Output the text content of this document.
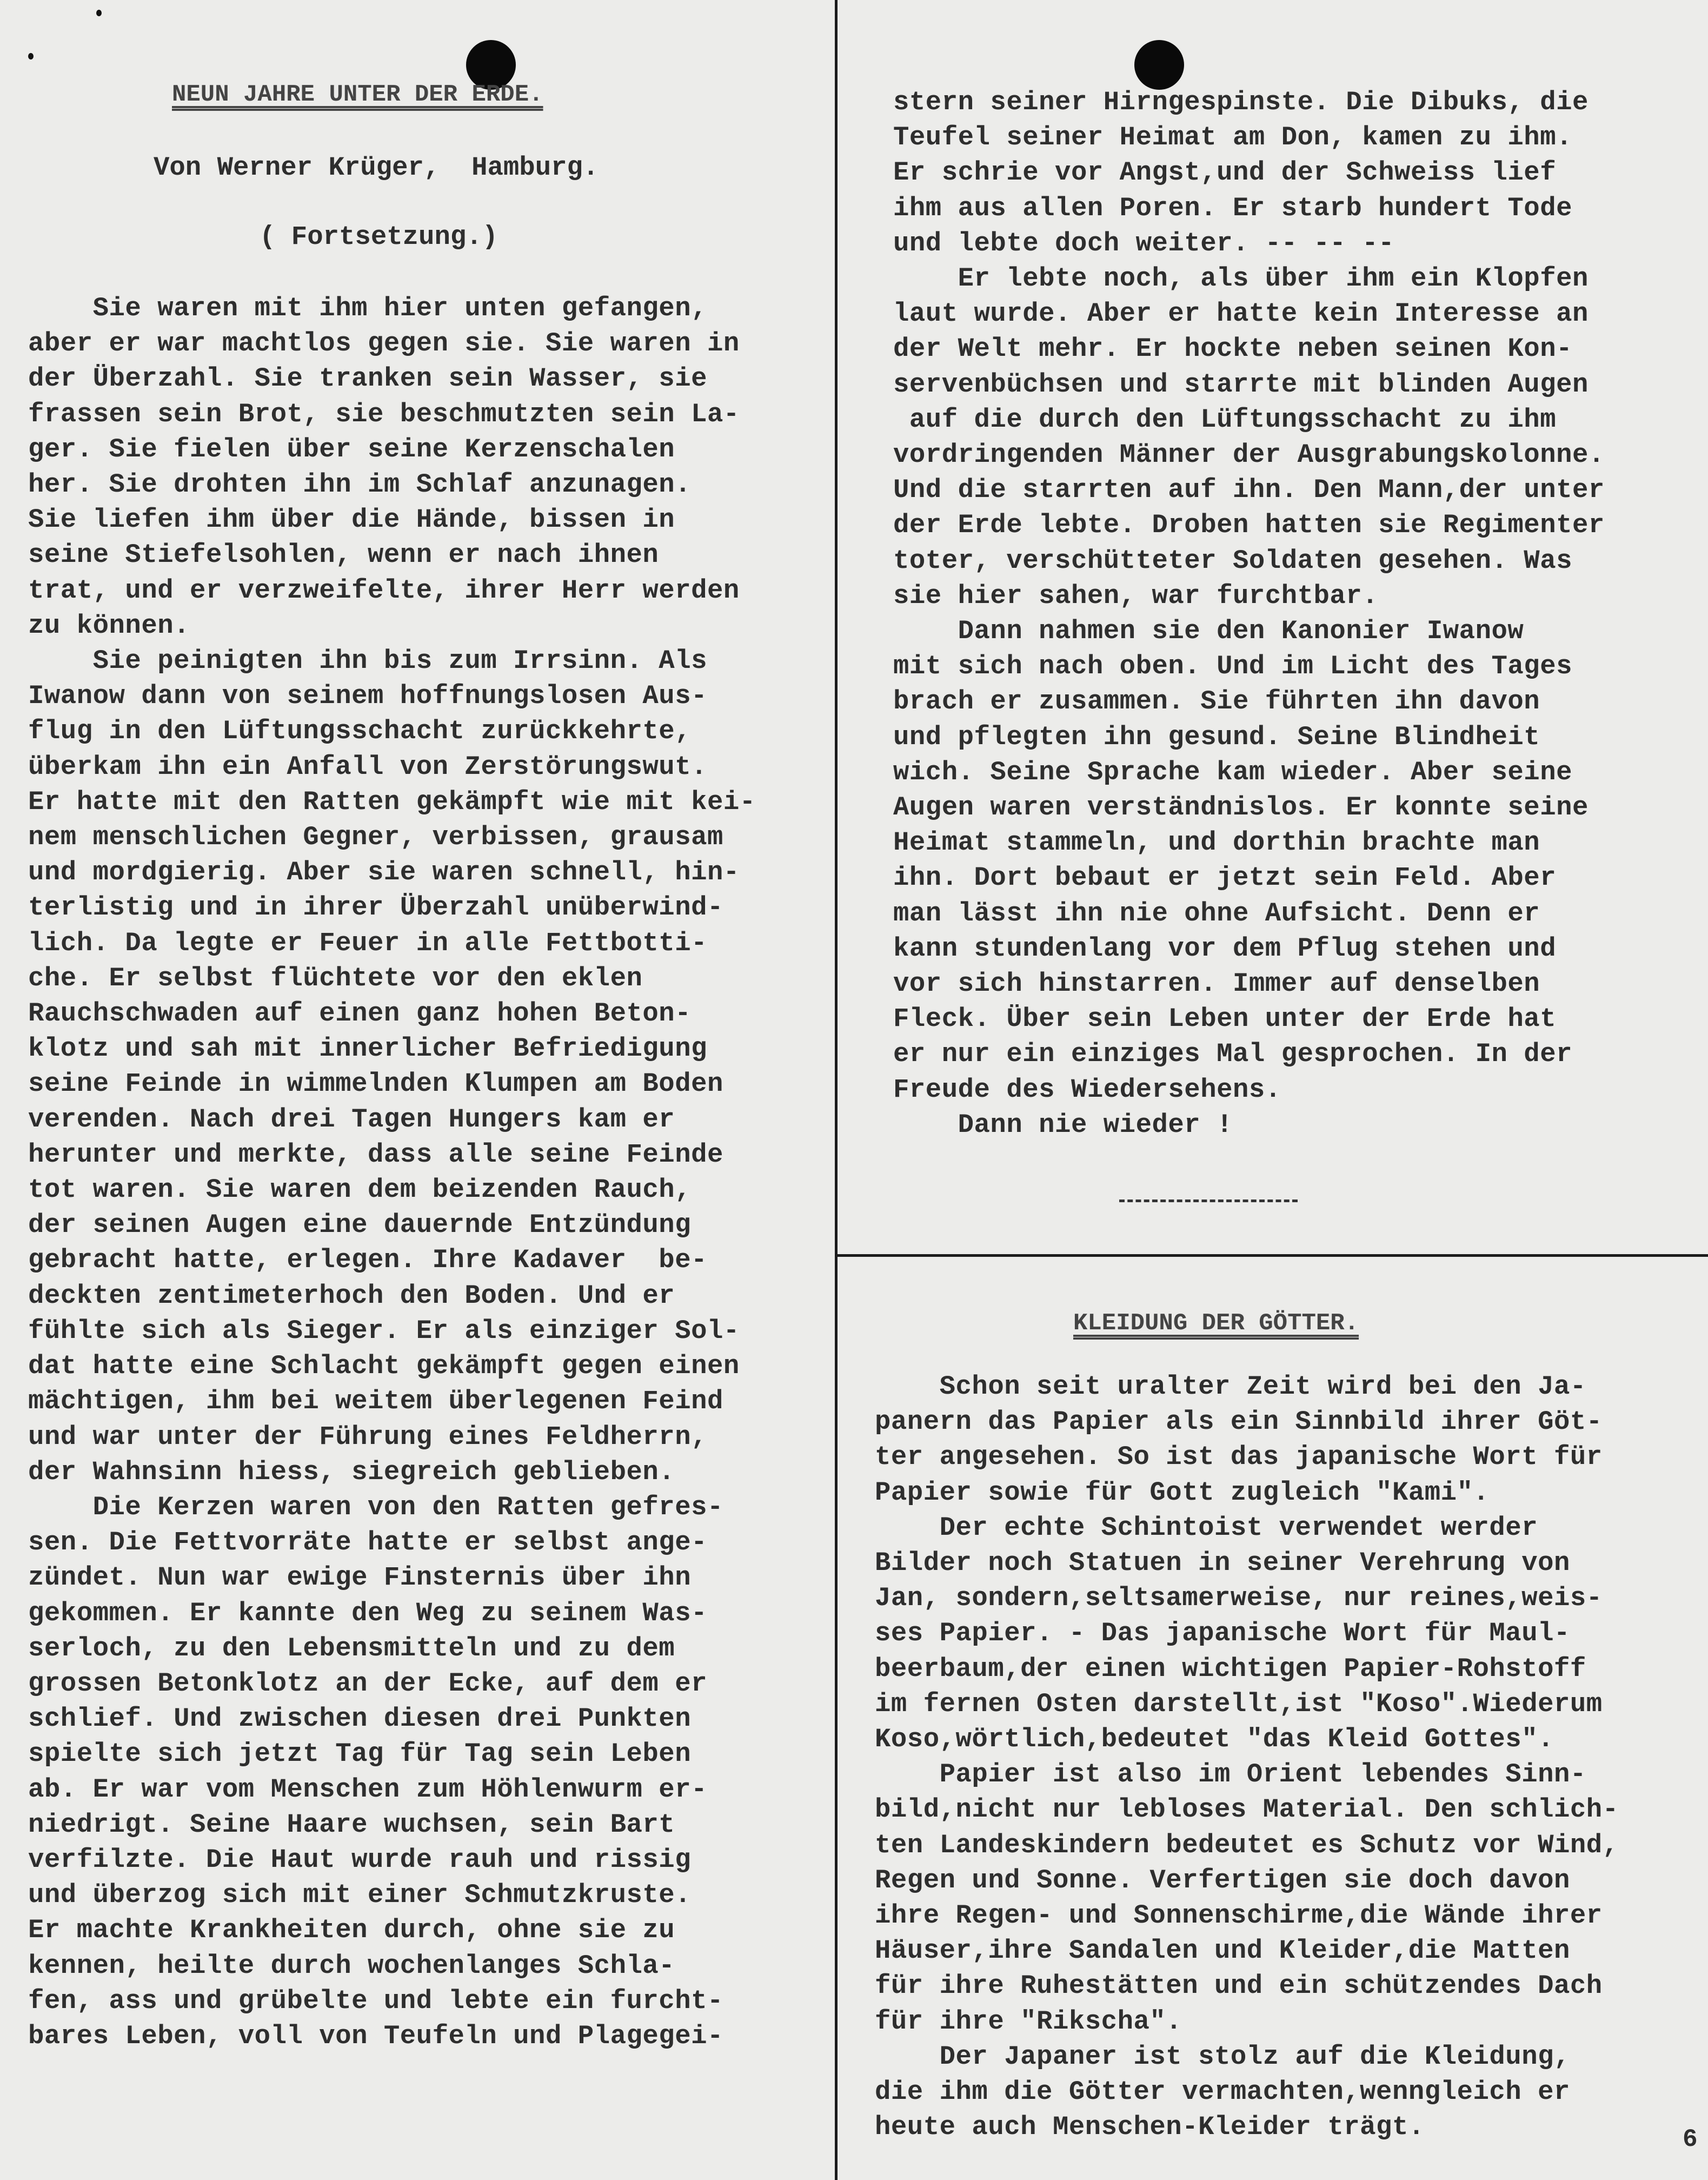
NEUN JAHRE UNTER DER ERDE.
Von Werner Krüger,  Hamburg.
( Fortsetzung.)
Sie waren mit ihm hier unten gefangen,
aber er war machtlos gegen sie. Sie waren in
der Überzahl. Sie tranken sein Wasser, sie
frassen sein Brot, sie beschmutzten sein La-
ger. Sie fielen über seine Kerzenschalen
her. Sie drohten ihn im Schlaf anzunagen.
Sie liefen ihm über die Hände, bissen in
seine Stiefelsohlen, wenn er nach ihnen
trat, und er verzweifelte, ihrer Herr werden
zu können.
Sie peinigten ihn bis zum Irrsinn. Als
Iwanow dann von seinem hoffnungslosen Aus-
flug in den Lüftungsschacht zurückkehrte,
überkam ihn ein Anfall von Zerstörungswut.
Er hatte mit den Ratten gekämpft wie mit kei-
nem menschlichen Gegner, verbissen, grausam
und mordgierig. Aber sie waren schnell, hin-
terlistig und in ihrer Überzahl unüberwind-
lich. Da legte er Feuer in alle Fettbotti-
che. Er selbst flüchtete vor den eklen
Rauchschwaden auf einen ganz hohen Beton-
klotz und sah mit innerlicher Befriedigung
seine Feinde in wimmelnden Klumpen am Boden
verenden. Nach drei Tagen Hungers kam er
herunter und merkte, dass alle seine Feinde
tot waren. Sie waren dem beizenden Rauch,
der seinen Augen eine dauernde Entzündung
gebracht hatte, erlegen. Ihre Kadaver  be-
deckten zentimeterhoch den Boden. Und er
fühlte sich als Sieger. Er als einziger Sol-
dat hatte eine Schlacht gekämpft gegen einen
mächtigen, ihm bei weitem überlegenen Feind
und war unter der Führung eines Feldherrn,
der Wahnsinn hiess, siegreich geblieben.
Die Kerzen waren von den Ratten gefres-
sen. Die Fettvorräte hatte er selbst ange-
zündet. Nun war ewige Finsternis über ihn
gekommen. Er kannte den Weg zu seinem Was-
serloch, zu den Lebensmitteln und zu dem
grossen Betonklotz an der Ecke, auf dem er
schlief. Und zwischen diesen drei Punkten
spielte sich jetzt Tag für Tag sein Leben
ab. Er war vom Menschen zum Höhlenwurm er-
niedrigt. Seine Haare wuchsen, sein Bart
verfilzte. Die Haut wurde rauh und rissig
und überzog sich mit einer Schmutzkruste.
Er machte Krankheiten durch, ohne sie zu
kennen, heilte durch wochenlanges Schla-
fen, ass und grübelte und lebte ein furcht-
bares Leben, voll von Teufeln und Plagegei-
stern seiner Hirngespinste. Die Dibuks, die
Teufel seiner Heimat am Don, kamen zu ihm.
Er schrie vor Angst,und der Schweiss lief
ihm aus allen Poren. Er starb hundert Tode
und lebte doch weiter. -- -- --
Er lebte noch, als über ihm ein Klopfen
laut wurde. Aber er hatte kein Interesse an
der Welt mehr. Er hockte neben seinen Kon-
servenbüchsen und starrte mit blinden Augen
auf die durch den Lüftungsschacht zu ihm
vordringenden Männer der Ausgrabungskolonne.
Und die starrten auf ihn. Den Mann,der unter
der Erde lebte. Droben hatten sie Regimenter
toter, verschütteter Soldaten gesehen. Was
sie hier sahen, war furchtbar.
Dann nahmen sie den Kanonier Iwanow
mit sich nach oben. Und im Licht des Tages
brach er zusammen. Sie führten ihn davon
und pflegten ihn gesund. Seine Blindheit
wich. Seine Sprache kam wieder. Aber seine
Augen waren verständnislos. Er konnte seine
Heimat stammeln, und dorthin brachte man
ihn. Dort bebaut er jetzt sein Feld. Aber
man lässt ihn nie ohne Aufsicht. Denn er
kann stundenlang vor dem Pflug stehen und
vor sich hinstarren. Immer auf denselben
Fleck. Über sein Leben unter der Erde hat
er nur ein einziges Mal gesprochen. In der
Freude des Wiedersehens.
Dann nie wieder !
KLEIDUNG DER GÖTTER.
Schon seit uralter Zeit wird bei den Ja-
panern das Papier als ein Sinnbild ihrer Göt-
ter angesehen. So ist das japanische Wort für
Papier sowie für Gott zugleich "Kami".
Der echte Schintoist verwendet werder
Bilder noch Statuen in seiner Verehrung von
Jan, sondern,seltsamerweise, nur reines,weis-
ses Papier. - Das japanische Wort für Maul-
beerbaum,der einen wichtigen Papier-Rohstoff
im fernen Osten darstellt,ist "Koso".Wiederum
Koso,wörtlich,bedeutet "das Kleid Gottes".
Papier ist also im Orient lebendes Sinn-
bild,nicht nur lebloses Material. Den schlich-
ten Landeskindern bedeutet es Schutz vor Wind,
Regen und Sonne. Verfertigen sie doch davon
ihre Regen- und Sonnenschirme,die Wände ihrer
Häuser,ihre Sandalen und Kleider,die Matten
für ihre Ruhestätten und ein schützendes Dach
für ihre "Rikscha".
Der Japaner ist stolz auf die Kleidung,
die ihm die Götter vermachten,wenngleich er
heute auch Menschen-Kleider trägt.	6
